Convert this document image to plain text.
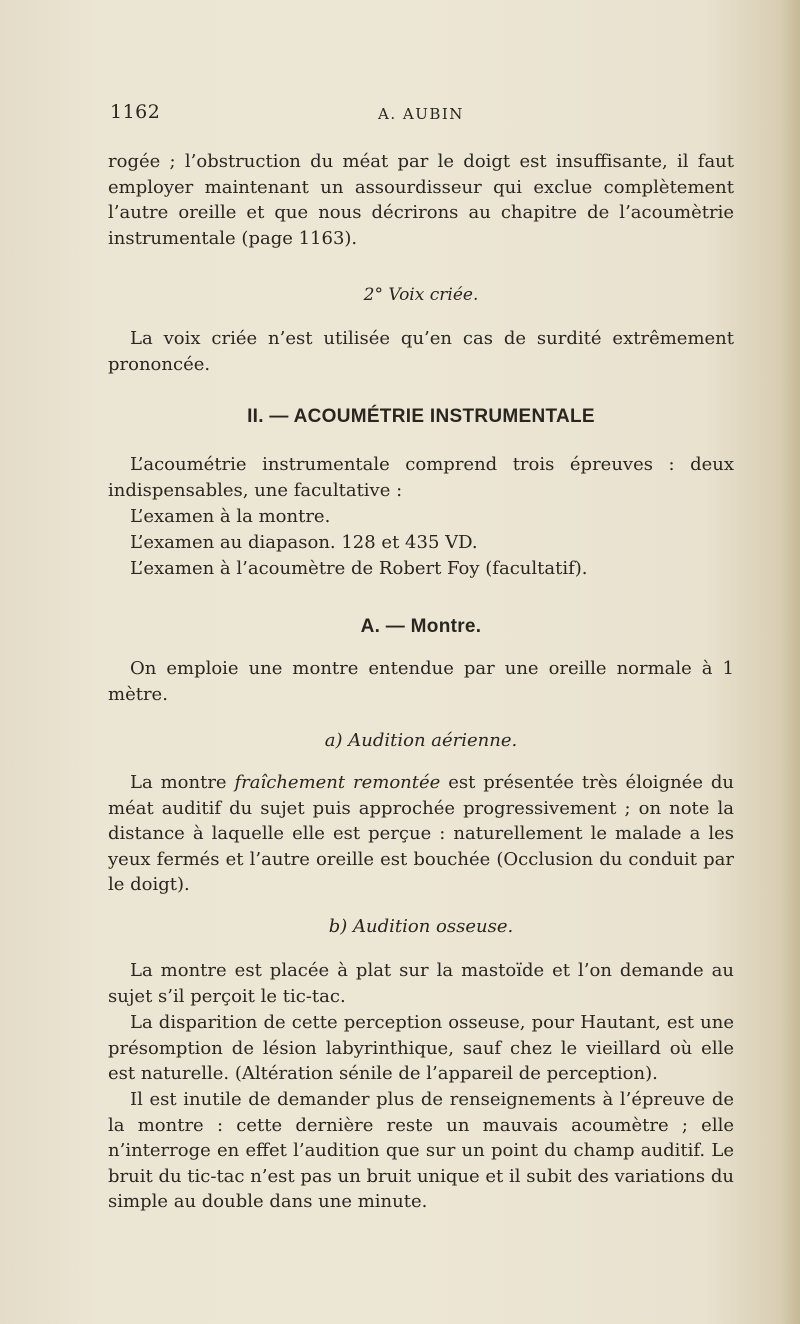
1162	A. AUBIN

rogée ; l’obstruction du méat par le doigt est insuffisante, il faut employer maintenant un assourdisseur qui exclue complètement l’autre oreille et que nous décrirons au chapitre de l’acoumètrie instrumentale (page 1163).

2° Voix criée.

La voix criée n’est utilisée qu’en cas de surdité extrêmement prononcée.

II. — ACOUMÉTRIE INSTRUMENTALE

L’acoumétrie instrumentale comprend trois épreuves : deux indispensables, une facultative :

L’examen à la montre.
L’examen au diapason. 128 et 435 VD.
L’examen à l’acoumètre de Robert Foy (facultatif).
A. — Montre.

On emploie une montre entendue par une oreille normale à 1 mètre.

a) Audition aérienne.

La montre fraîchement remontée est présentée très éloignée du méat auditif du sujet puis approchée progressivement ; on note la distance à laquelle elle est perçue : naturellement le malade a les yeux fermés et l’autre oreille est bouchée (Occlusion du conduit par le doigt).

b) Audition osseuse.

La montre est placée à plat sur la mastoïde et l’on demande au sujet s’il perçoit le tic-tac.

La disparition de cette perception osseuse, pour Hautant, est une présomption de lésion labyrinthique, sauf chez le vieillard où elle est naturelle. (Altération sénile de l’appareil de perception).

Il est inutile de demander plus de renseignements à l’épreuve de la montre : cette dernière reste un mauvais acoumètre ; elle n’interroge en effet l’audition que sur un point du champ auditif. Le bruit du tic-tac n’est pas un bruit unique et il subit des variations du simple au double dans une minute.
